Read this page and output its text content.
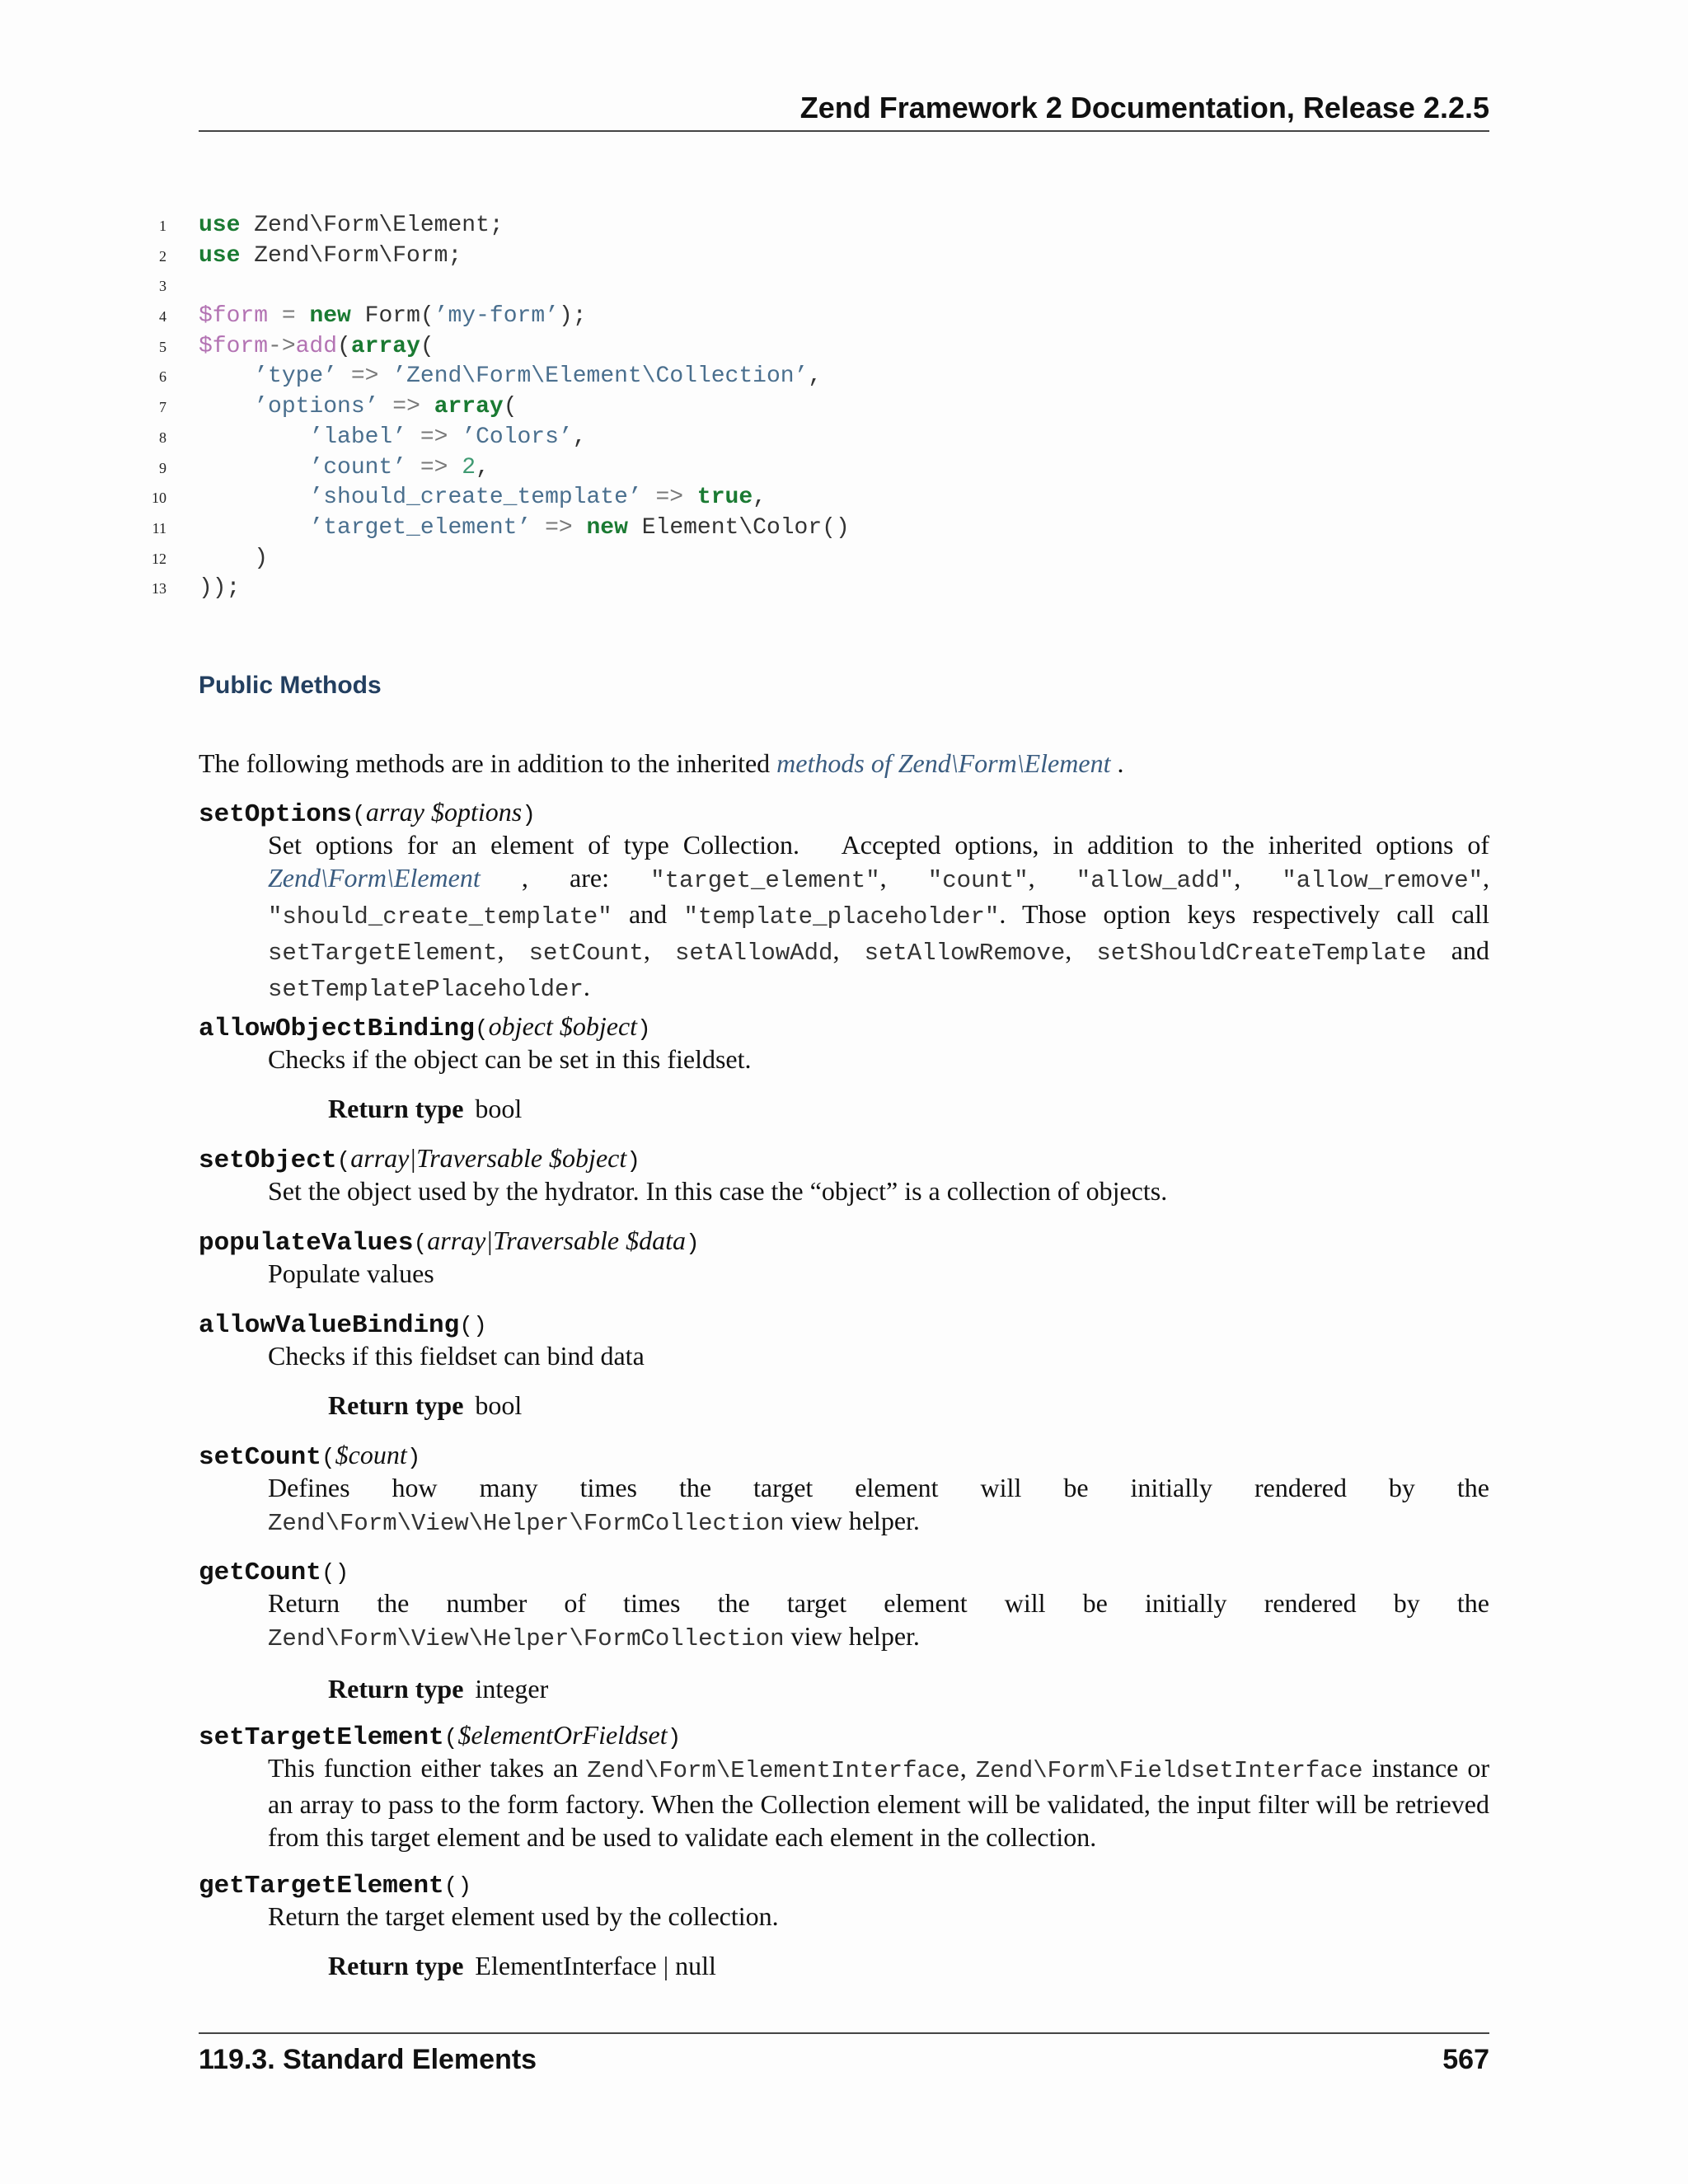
Zend Framework 2 Documentation, Release 2.2.5
1 use Zend\Form\Element;
2 use Zend\Form\Form;
3
4 $form = new Form(’my-form’);
5 $form->add(array(
6	’type’ => ’Zend\Form\Element\Collection’,
7	’options’ => array(
8	’label’ => ’Colors’,
9	’count’ => 2,
10	’should_create_template’ => true,
11	’target_element’ => new Element\Color()
12 )
13 ));
Public Methods
The following methods are in addition to the inherited methods of Zend\Form\Element .
setOptions(array $options)
Set options for an element of type Collection.   Accepted options, in addition to the inherited options of Zend\Form\Element , are: "target_element", "count", "allow_add", "allow_remove", "should_create_template" and "template_placeholder". Those option keys respectively call call setTargetElement, setCount, setAllowAdd, setAllowRemove, setShouldCreateTemplate and setTemplatePlaceholder.
allowObjectBinding(object $object)
Checks if the object can be set in this fieldset.
Return type bool
setObject(array|Traversable $object)
Set the object used by the hydrator. In this case the “object” is a collection of objects.
populateValues(array|Traversable $data)
Populate values
allowValueBinding()
Checks if this fieldset can bind data
Return type bool
setCount($count)
Defines how many times the target element will be initially rendered by the Zend\Form\View\Helper\FormCollection view helper.
getCount()
Return the number of times the target element will be initially rendered by the Zend\Form\View\Helper\FormCollection view helper.
Return type integer
setTargetElement($elementOrFieldset)
This function either takes an Zend\Form\ElementInterface, Zend\Form\FieldsetInterface instance or an array to pass to the form factory. When the Collection element will be validated, the input filter will be retrieved from this target element and be used to validate each element in the collection.
getTargetElement()
Return the target element used by the collection.
Return type ElementInterface | null
119.3. Standard Elements	567
